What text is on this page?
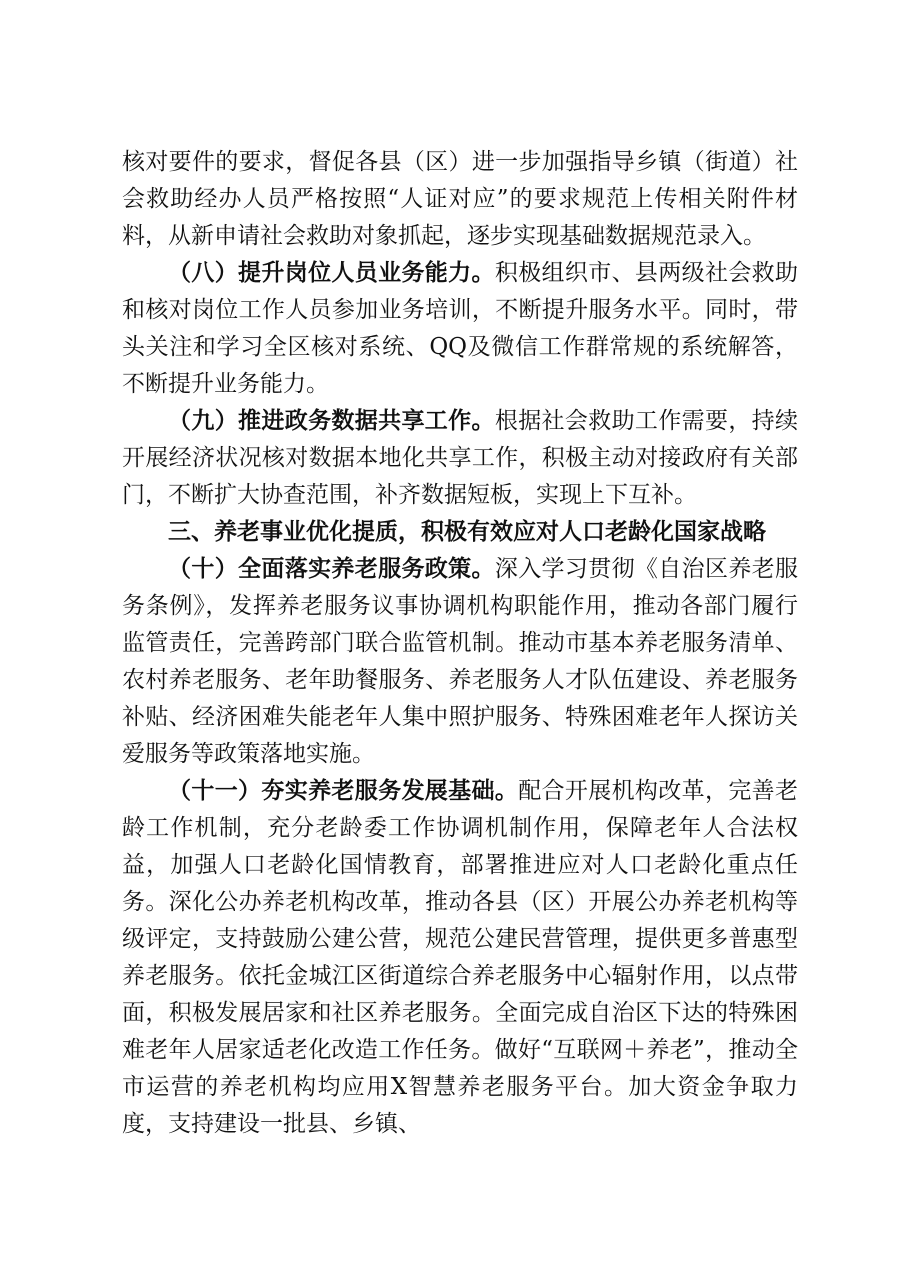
核对要件的要求，督促各县（区）进一步加强指导乡镇（街道）社会救助经办人员严格按照“人证对应”的要求规范上传相关附件材料，从新申请社会救助对象抓起，逐步实现基础数据规范录入。

（八）提升岗位人员业务能力。积极组织市、县两级社会救助和核对岗位工作人员参加业务培训，不断提升服务水平。同时，带头关注和学习全区核对系统、QQ及微信工作群常规的系统解答，不断提升业务能力。

（九）推进政务数据共享工作。根据社会救助工作需要，持续开展经济状况核对数据本地化共享工作，积极主动对接政府有关部门，不断扩大协查范围，补齐数据短板，实现上下互补。

三、养老事业优化提质，积极有效应对人口老龄化国家战略

（十）全面落实养老服务政策。深入学习贯彻《自治区养老服务条例》，发挥养老服务议事协调机构职能作用，推动各部门履行监管责任，完善跨部门联合监管机制。推动市基本养老服务清单、农村养老服务、老年助餐服务、养老服务人才队伍建设、养老服务补贴、经济困难失能老年人集中照护服务、特殊困难老年人探访关爱服务等政策落地实施。

（十一）夯实养老服务发展基础。配合开展机构改革，完善老龄工作机制，充分老龄委工作协调机制作用，保障老年人合法权益，加强人口老龄化国情教育，部署推进应对人口老龄化重点任务。深化公办养老机构改革，推动各县（区）开展公办养老机构等级评定，支持鼓励公建公营，规范公建民营管理，提供更多普惠型养老服务。依托金城江区街道综合养老服务中心辐射作用，以点带面，积极发展居家和社区养老服务。全面完成自治区下达的特殊困难老年人居家适老化改造工作任务。做好“互联网＋养老”，推动全市运营的养老机构均应用X智慧养老服务平台。加大资金争取力度，支持建设一批县、乡镇、
